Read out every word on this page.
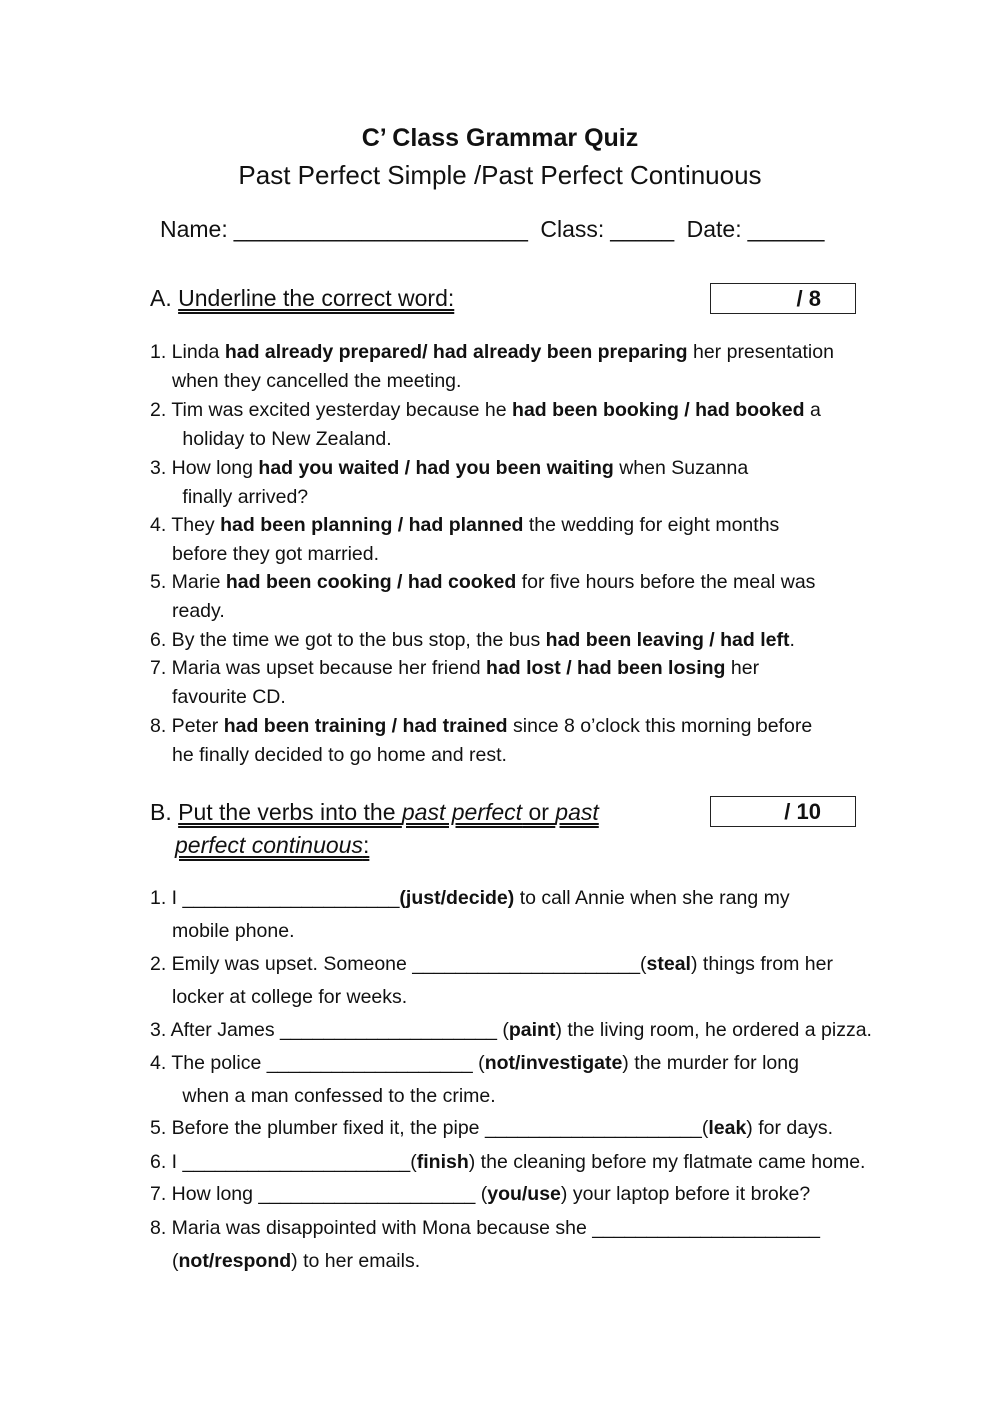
C’ Class Grammar Quiz
Past Perfect Simple /Past Perfect Continuous
Name: _______________________ Class: _____ Date: ______
A. Underline the correct word:	/ 8
1. Linda had already prepared/ had already been preparing her presentation
when they cancelled the meeting.
2. Tim was excited yesterday because he had been booking / had booked a
holiday to New Zealand.
3. How long had you waited / had you been waiting when Suzanna
finally arrived?
4. They had been planning / had planned the wedding for eight months
before they got married.
5. Marie had been cooking / had cooked for five hours before the meal was
ready.
6. By the time we got to the bus stop, the bus had been leaving / had left.
7. Maria was upset because her friend had lost / had been losing her
favourite CD.
8. Peter had been training / had trained since 8 o’clock this morning before
he finally decided to go home and rest.
B. Put the verbs into the past perfect or past
perfect continuous:
/ 10
1. I ____________________(just/decide) to call Annie when she rang my
mobile phone.
2. Emily was upset. Someone _____________________(steal) things from her
locker at college for weeks.
3. After James ____________________ (paint) the living room, he ordered a pizza.
4. The police ___________________ (not/investigate) the murder for long
when a man confessed to the crime.
5. Before the plumber fixed it, the pipe ____________________(leak) for days.
6. I _____________________(finish) the cleaning before my flatmate came home.
7. How long ____________________ (you/use) your laptop before it broke?
8. Maria was disappointed with Mona because she _____________________
(not/respond) to her emails.
